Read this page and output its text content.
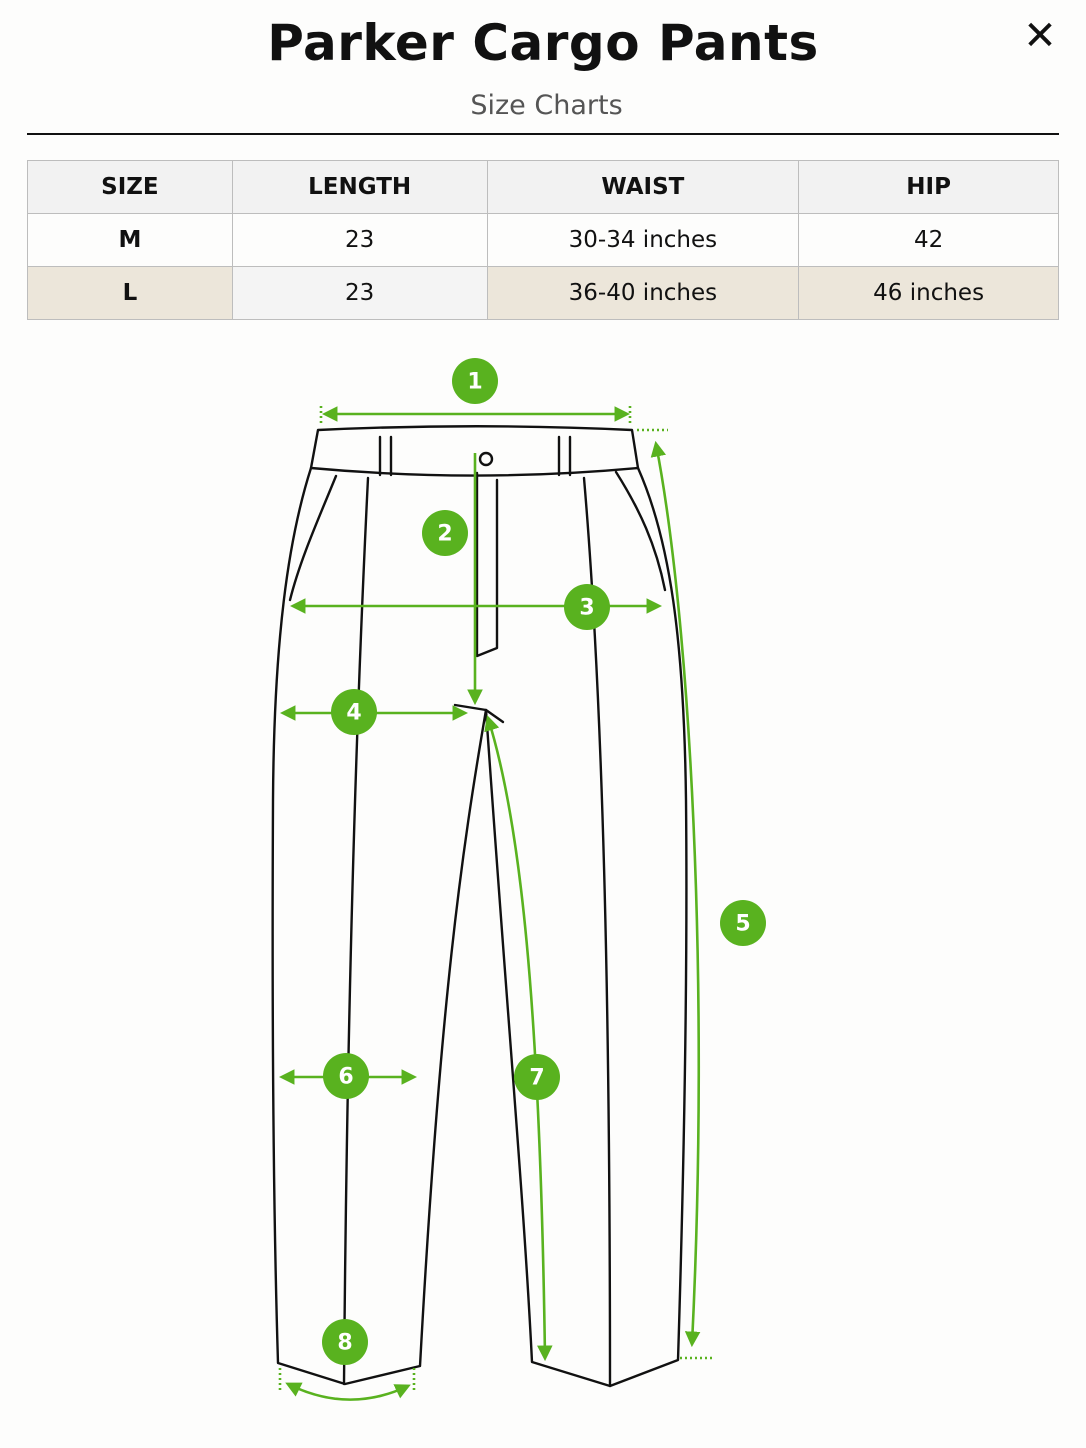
Parker Cargo Pants
Size Charts
✕
SIZE	LENGTH	WAIST	HIP
M	23	30-34 inches	42
L	23	36-40 inches	46 inches
1
2
3
4
5
6	7
8
